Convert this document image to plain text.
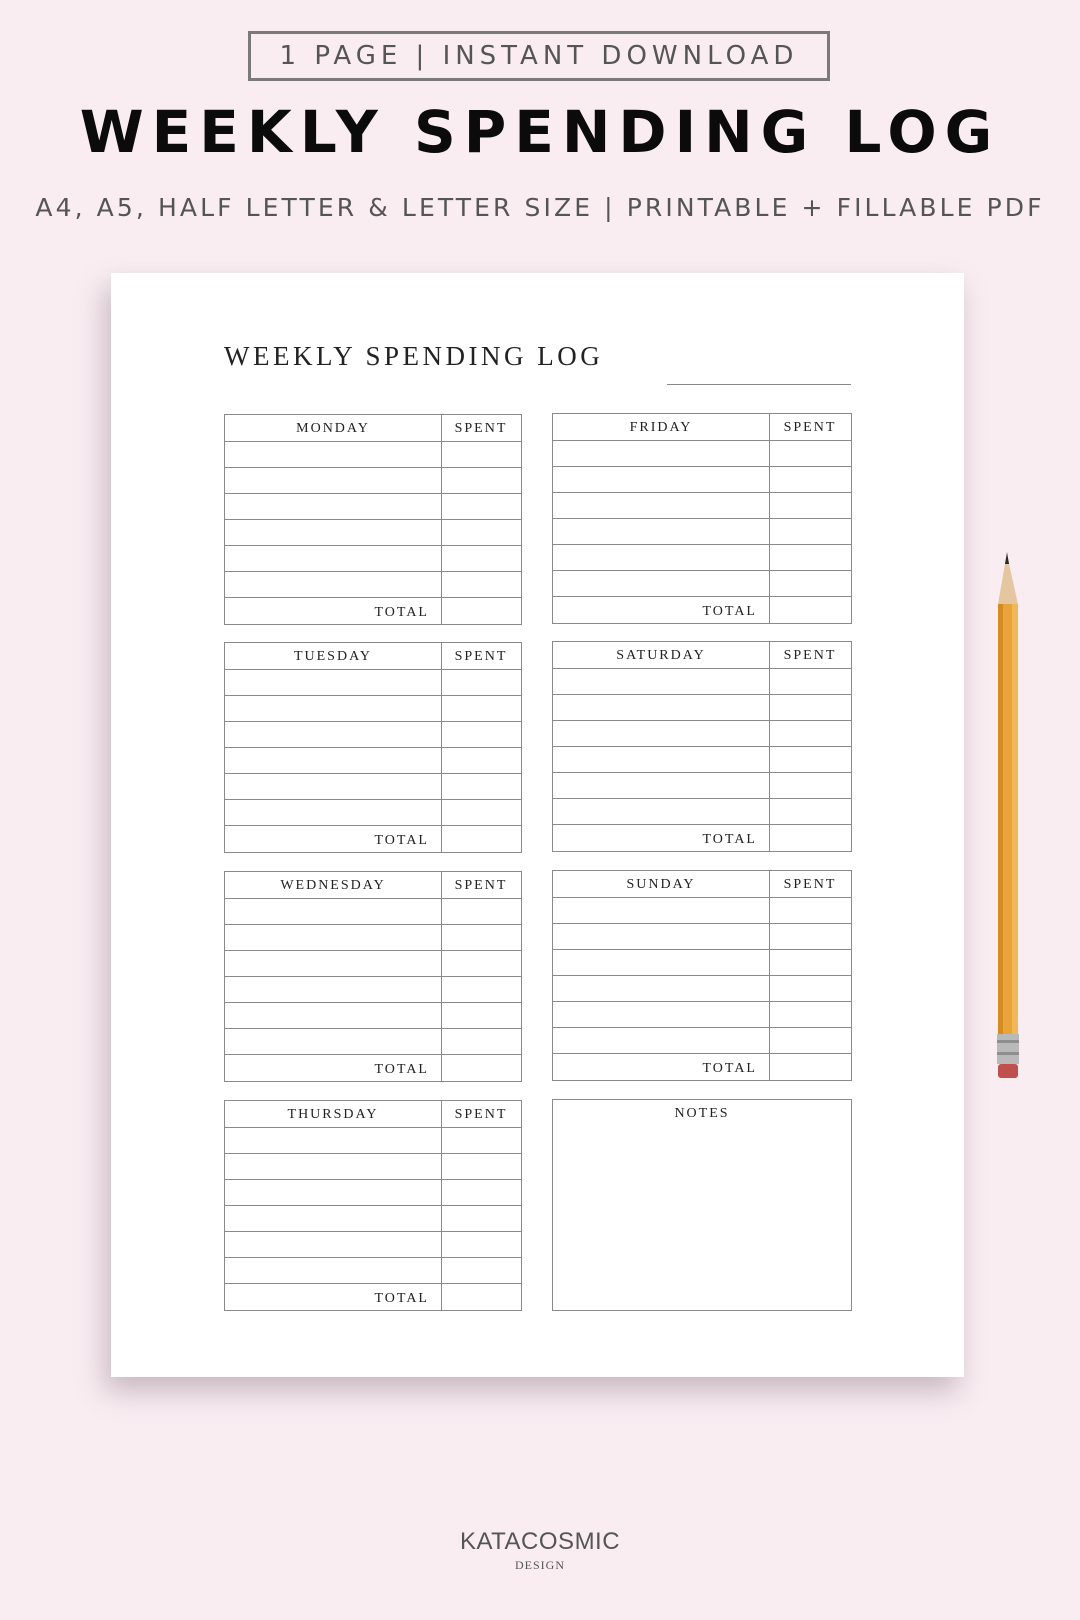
1 PAGE | INSTANT DOWNLOAD
WEEKLY SPENDING LOG
A4, A5, HALF LETTER & LETTER SIZE | PRINTABLE + FILLABLE PDF
WEEKLY SPENDING LOG
MONDAY	SPENT
TOTAL
FRIDAY	SPENT
TOTAL
TUESDAY	SPENT
TOTAL
SATURDAY	SPENT
TOTAL
WEDNESDAY	SPENT
TOTAL
SUNDAY	SPENT
TOTAL
THURSDAY	SPENT
TOTAL
NOTES
KATACOSMIC
DESIGN
